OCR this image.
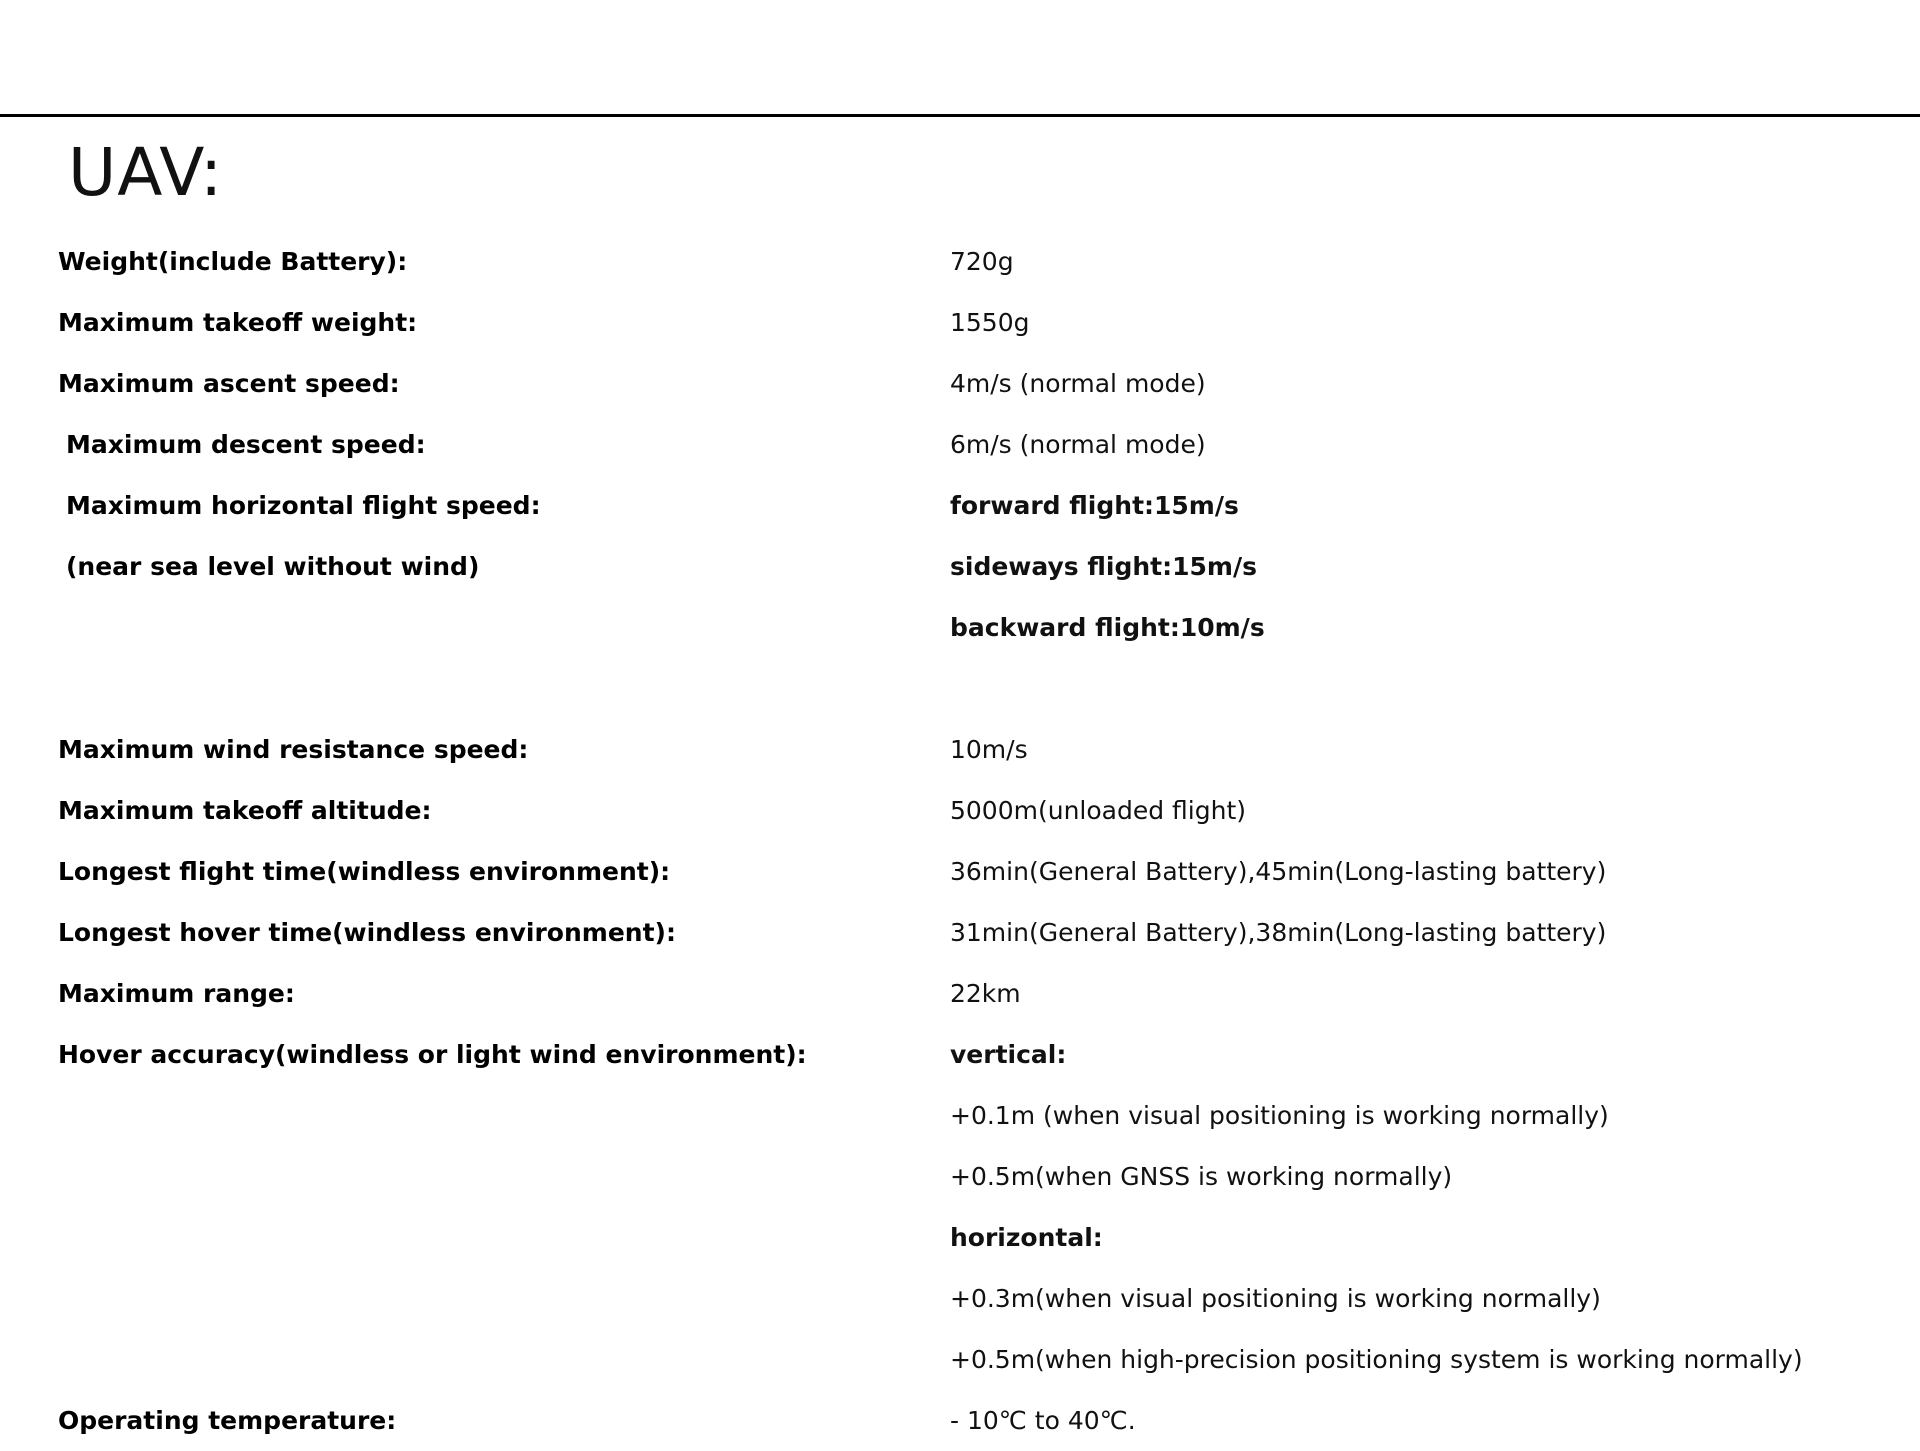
UAV:
Weight(include Battery):	720g
Maximum takeoff weight:	1550g
Maximum ascent speed:	4m/s (normal mode)
Maximum descent speed:	6m/s (normal mode)
Maximum horizontal flight speed:	forward flight:15m/s
(near sea level without wind)	sideways flight:15m/s
backward flight:10m/s
Maximum wind resistance speed:	10m/s
Maximum takeoff altitude:	5000m(unloaded flight)
Longest flight time(windless environment):	36min(General Battery),45min(Long-lasting battery)
Longest hover time(windless environment):	31min(General Battery),38min(Long-lasting battery)
Maximum range:	22km
Hover accuracy(windless or light wind environment):	vertical:
+0.1m (when visual positioning is working normally)
+0.5m(when GNSS is working normally)
horizontal:
+0.3m(when visual positioning is working normally)
+0.5m(when high-precision positioning system is working normally)
Operating temperature:	- 10℃ to 40℃.
